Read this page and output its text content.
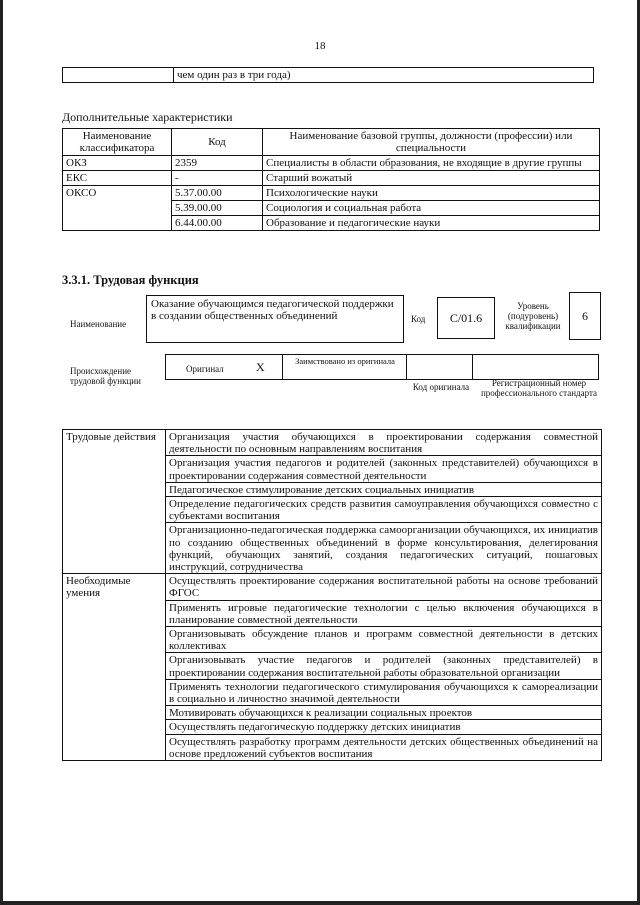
18
	чем один раз в три года)
Дополнительные характеристики
Наименование классификатора	Код	Наименование базовой группы, должности (профессии) или специальности
ОКЗ	2359	Специалисты в области образования, не входящие в другие группы
ЕКС	-	Старший вожатый
ОКСО	5.37.00.00	Психологические науки
	5.39.00.00	Социология и социальная работа
	6.44.00.00	Образование и педагогические науки
3.3.1. Трудовая функция
Наименование
Оказание обучающимся педагогической поддержки в создании общественных объединений	Код	C/01.6
Уровень (подуровень) квалификации
6
Происхождение трудовой функции
Оригинал	X	Заимствовано из оригинала
Код оригинала	Регистрационный номер профессионального стандарта
Трудовые действия	Организация участия обучающихся в проектировании содержания совместной деятельности по основным направлениям воспитания
	Организация участия педагогов и родителей (законных представителей) обучающихся в проектировании содержания совместной деятельности
	Педагогическое стимулирование детских социальных инициатив
	Определение педагогических средств развития самоуправления обучающихся совместно с субъектами воспитания
	Организационно-педагогическая поддержка самоорганизации обучающихся, их инициатив по созданию общественных объединений в форме консультирования, делегирования функций, обучающих занятий, создания педагогических ситуаций, пошаговых инструкций, сотрудничества
Необходимые умения	Осуществлять проектирование содержания воспитательной работы на основе требований ФГОС
	Применять игровые педагогические технологии с целью включения обучающихся в планирование совместной деятельности
	Организовывать обсуждение планов и программ совместной деятельности в детских коллективах
	Организовывать участие педагогов и родителей (законных представителей) в проектировании содержания воспитательной работы образовательной организации
	Применять технологии педагогического стимулирования обучающихся к самореализации в социально и личностно значимой деятельности
	Мотивировать обучающихся к реализации социальных проектов
	Осуществлять педагогическую поддержку детских инициатив
	Осуществлять разработку программ деятельности детских общественных объединений на основе предложений субъектов воспитания
